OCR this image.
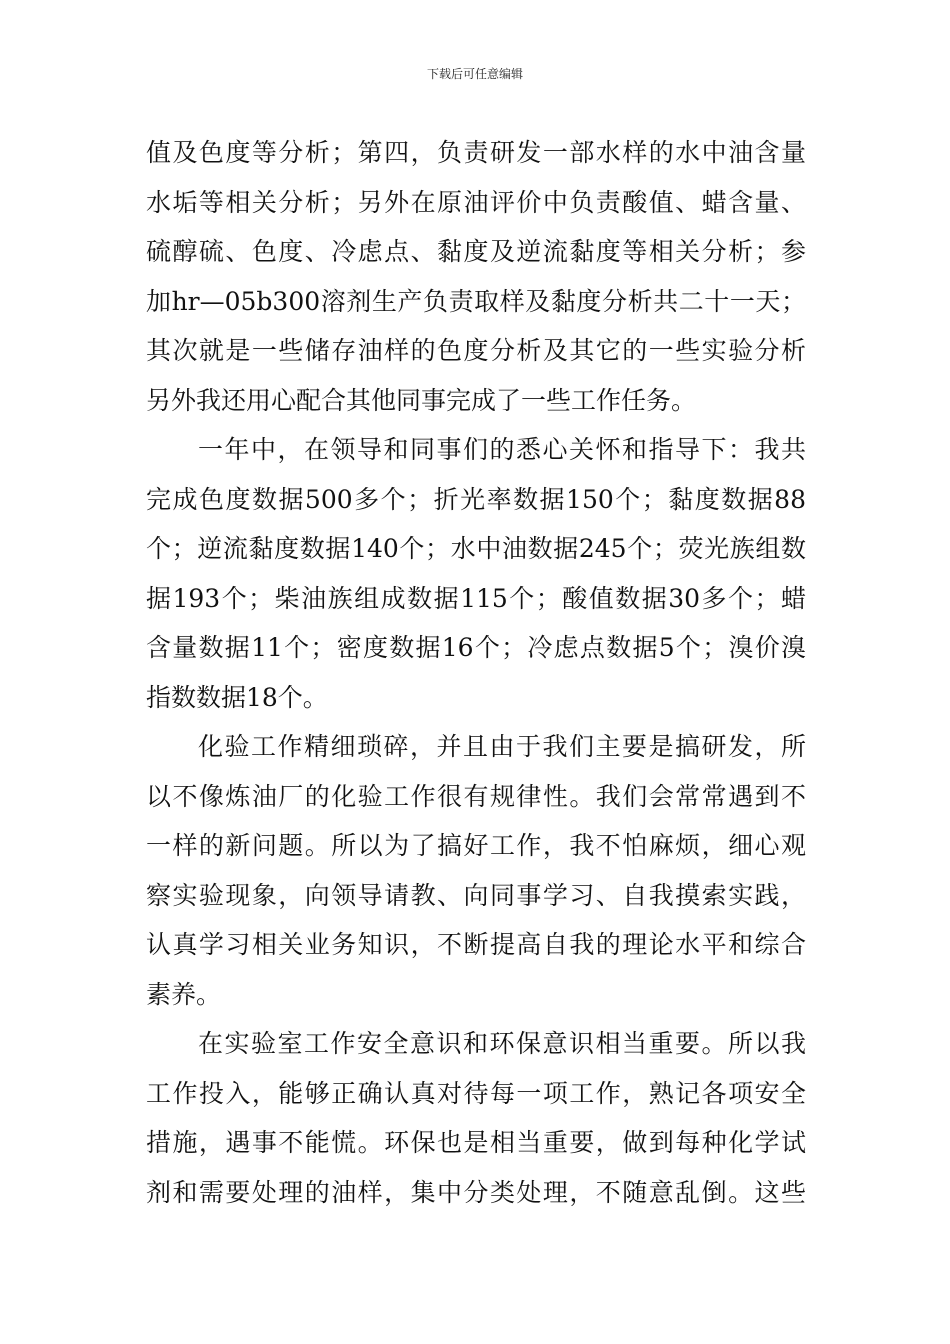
下载后可任意编辑
值及色度等分析；第四，负责研发一部水样的水中油含量
水垢等相关分析；另外在原油评价中负责酸值、蜡含量、
硫醇硫、色度、冷虑点、黏度及逆流黏度等相关分析；参
加hr—05b300溶剂生产负责取样及黏度分析共二十一天；
其次就是一些储存油样的色度分析及其它的一些实验分析
另外我还用心配合其他同事完成了一些工作任务。
一年中，在领导和同事们的悉心关怀和指导下：我共
完成色度数据500多个；折光率数据150个；黏度数据88
个；逆流黏度数据140个；水中油数据245个；荧光族组数
据193个；柴油族组成数据115个；酸值数据30多个；蜡
含量数据11个；密度数据16个；冷虑点数据5个；溴价溴
指数数据18个。
化验工作精细琐碎，并且由于我们主要是搞研发，所
以不像炼油厂的化验工作很有规律性。我们会常常遇到不
一样的新问题。所以为了搞好工作，我不怕麻烦，细心观
察实验现象，向领导请教、向同事学习、自我摸索实践，
认真学习相关业务知识，不断提高自我的理论水平和综合
素养。
在实验室工作安全意识和环保意识相当重要。所以我
工作投入，能够正确认真对待每一项工作，熟记各项安全
措施，遇事不能慌。环保也是相当重要，做到每种化学试
剂和需要处理的油样，集中分类处理，不随意乱倒。这些
